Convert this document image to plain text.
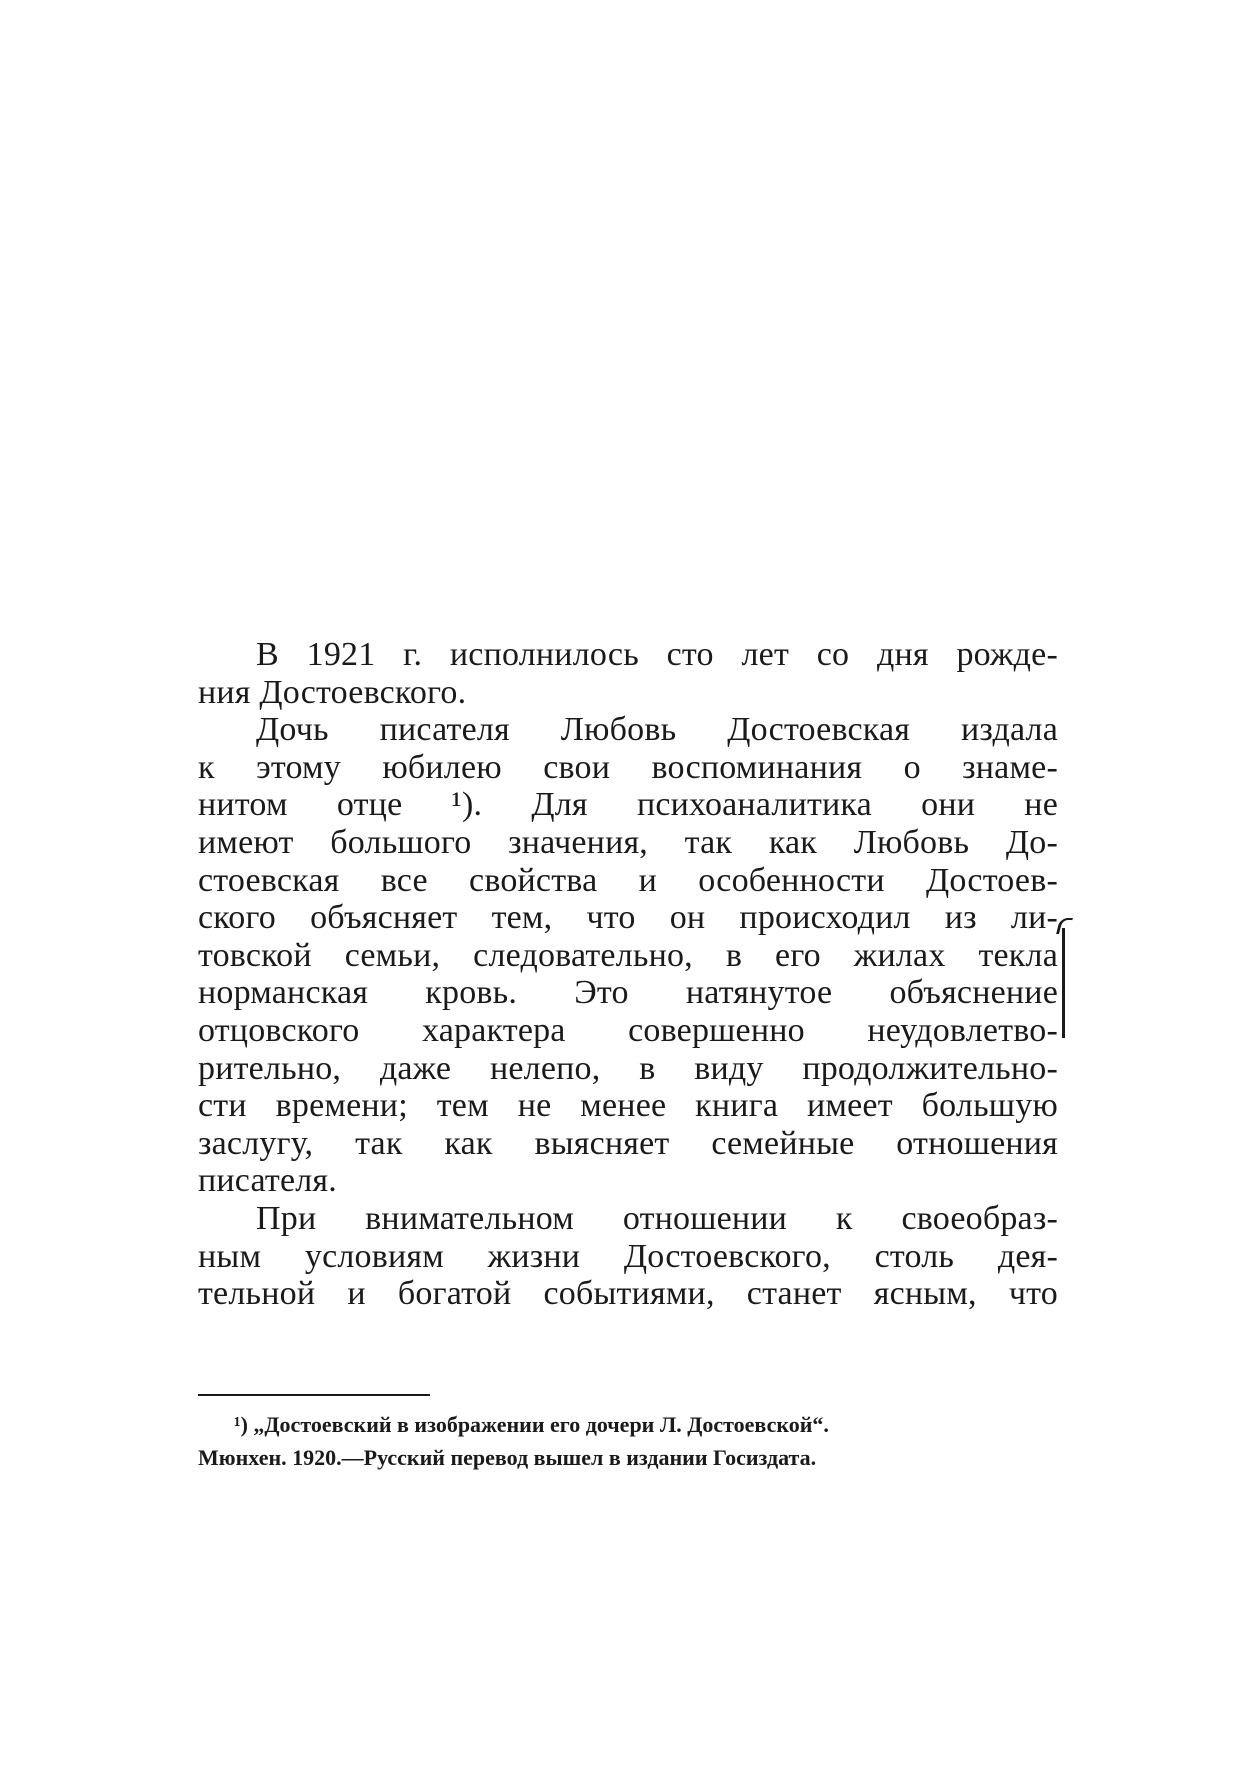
В 1921 г. исполнилось сто лет со дня рожде-
ния Достоевского.
Дочь писателя Любовь Достоевская издала
к этому юбилею свои воспоминания о знаме-
нитом отце ¹). Для психоаналитика они не
имеют большого значения, так как Любовь До-
стоевская все свойства и особенности Достоев-
ского объясняет тем, что он происходил из ли-
товской семьи, следовательно, в его жилах текла
норманская кровь. Это натянутое объяснение
отцовского характера совершенно неудовлетво-
рительно, даже нелепо, в виду продолжительно-
сти времени; тем не менее книга имеет большую
заслугу, так как выясняет семейные отношения
писателя.
При внимательном отношении к своеобраз-
ным условиям жизни Достоевского, столь дея-
тельной и богатой событиями, станет ясным, что
¹) „Достоевский в изображении его дочери Л. Достоевской“.
Мюнхен. 1920.—Русский перевод вышел в издании Госиздата.
